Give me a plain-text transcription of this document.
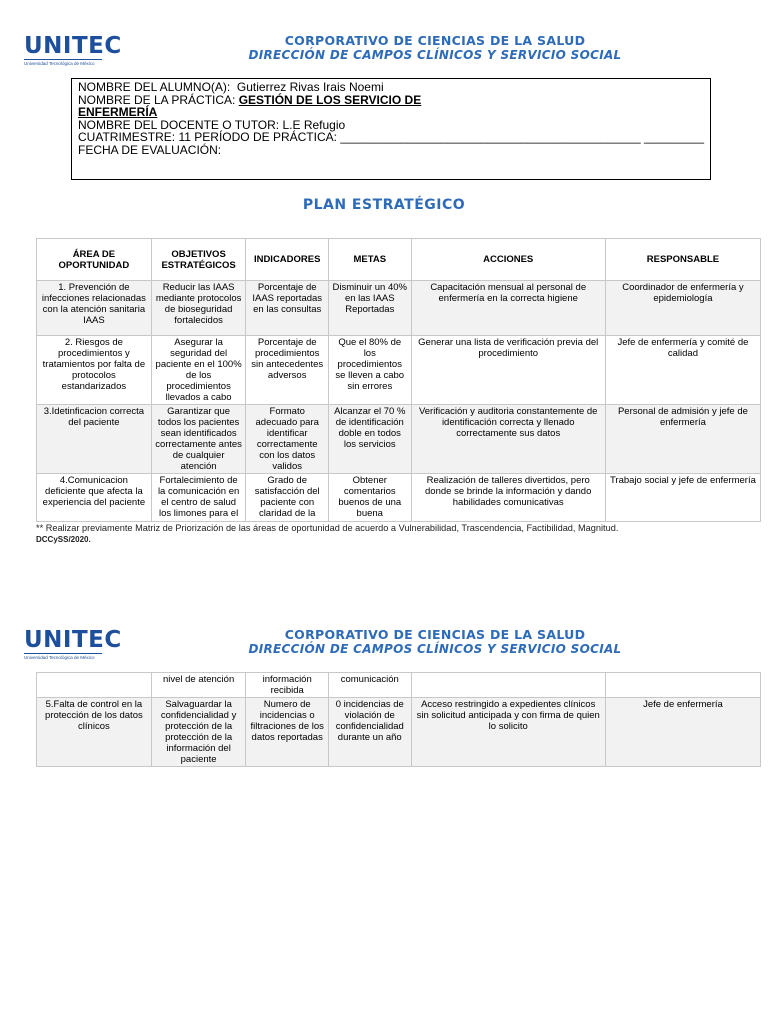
UNITEC
Universidad Tecnológica de México
CORPORATIVO DE CIENCIAS DE LA SALUD
DIRECCIÓN DE CAMPOS CLÍNICOS Y SERVICIO SOCIAL
NOMBRE DEL ALUMNO(A): Gutierrez Rivas Irais Noemi
NOMBRE DE LA PRÁCTICA: GESTIÓN DE LOS SERVICIO DE
ENFERMERÍA
NOMBRE DEL DOCENTE O TUTOR: L.E Refugio
CUATRIMESTRE: 11 PERÍODO DE PRÁCTICA: _____________________________________________ _________
FECHA DE EVALUACIÓN:
PLAN ESTRATÉGICO
ÁREA DE OPORTUNIDAD	OBJETIVOS ESTRATÉGICOS	INDICADORES	METAS	ACCIONES	RESPONSABLE
1. Prevención de infecciones relacionadas con la atención sanitaria IAAS	Reducir las IAAS mediante protocolos de bioseguridad fortalecidos	Porcentaje de IAAS reportadas en las consultas	Disminuir un 40% en las IAAS Reportadas	Capacitación mensual al personal de enfermería en la correcta higiene	Coordinador de enfermería y epidemiología
2. Riesgos de procedimientos y tratamientos por falta de protocolos estandarizados	Asegurar la seguridad del paciente en el 100% de los procedimientos llevados a cabo	Porcentaje de procedimientos sin antecedentes adversos	Que el 80% de los procedimientos se lleven a cabo sin errores	Generar una lista de verificación previa del procedimiento	Jefe de enfermería y comité de calidad
3.Idetinficacion correcta del paciente	Garantizar que todos los pacientes sean identificados correctamente antes de cualquier atención	Formato adecuado para identificar correctamente con los datos validos	Alcanzar el 70 % de identificación doble en todos los servicios	Verificación y auditoria constantemente de identificación correcta y llenado correctamente sus datos	Personal de admisión y jefe de enfermería
4.Comunicacion deficiente que afecta la experiencia del paciente	Fortalecimiento de la comunicación en el centro de salud los limones para el	Grado de satisfacción del paciente con claridad de la	Obtener comentarios buenos de una buena	Realización de talleres divertidos, pero donde se brinde la información y dando habilidades comunicativas	Trabajo social y jefe de enfermería
** Realizar previamente Matriz de Priorización de las áreas de oportunidad de acuerdo a Vulnerabilidad, Trascendencia, Factibilidad, Magnitud.
DCCySS/2020.
UNITEC
Universidad Tecnológica de México
CORPORATIVO DE CIENCIAS DE LA SALUD
DIRECCIÓN DE CAMPOS CLÍNICOS Y SERVICIO SOCIAL
	nivel de atención	información recibida	comunicación		
5.Falta de control en la protección de los datos clínicos	Salvaguardar la confidencialidad y protección de la protección de la información del paciente	Numero de incidencias o filtraciones de los datos reportadas	0 incidencias de violación de confidencialidad durante un año	Acceso restringido a expedientes clínicos sin solicitud anticipada y con firma de quien lo solicito	Jefe de enfermería
